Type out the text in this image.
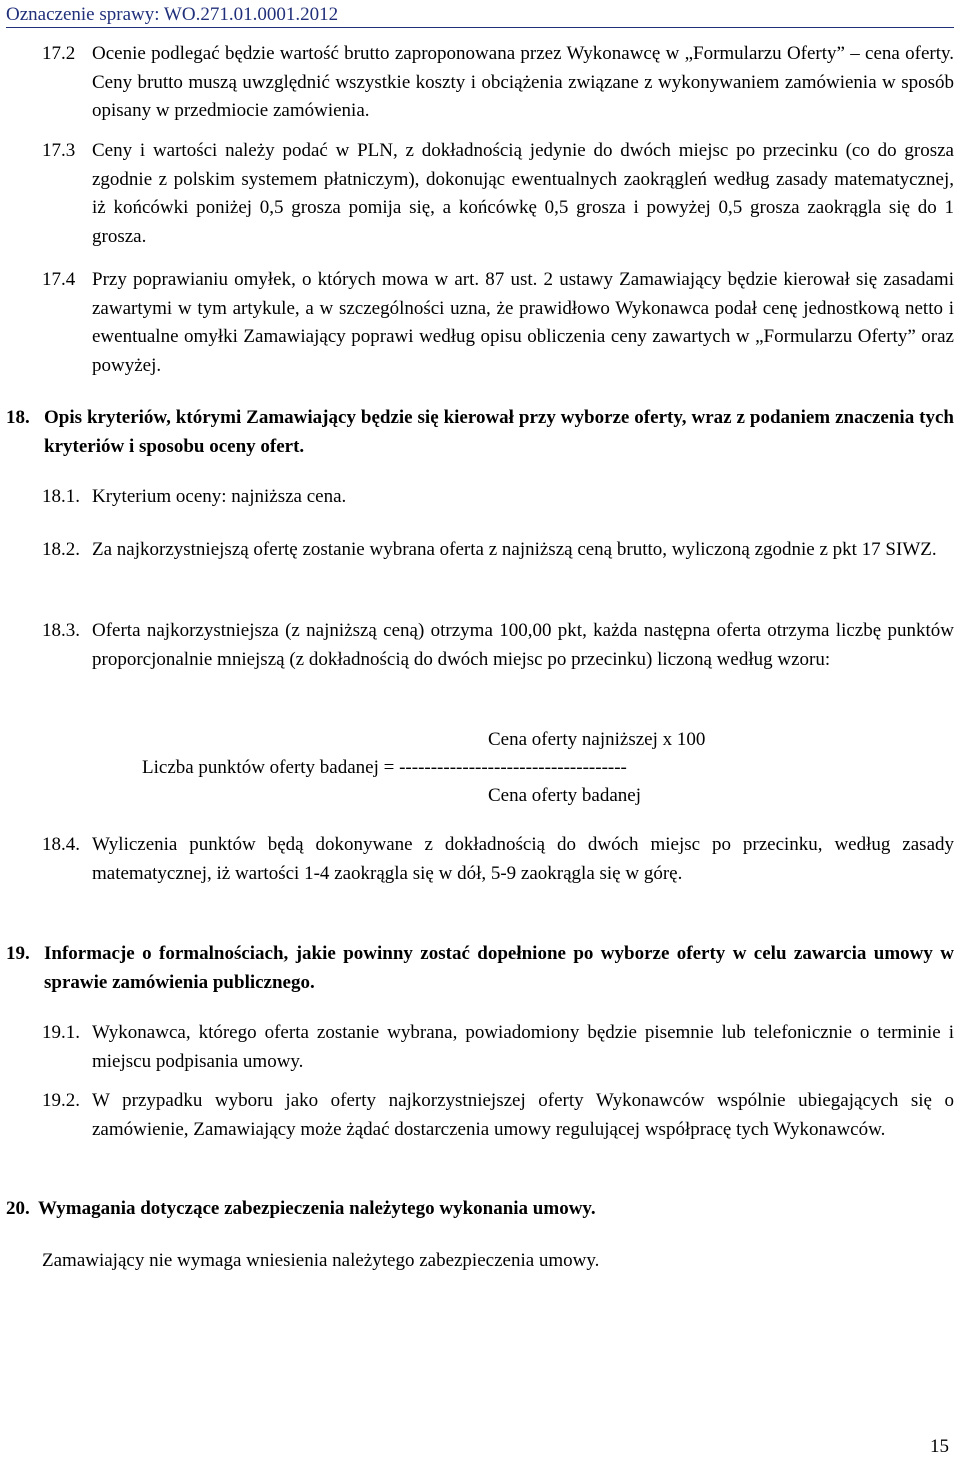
Oznaczenie sprawy: WO.271.01.0001.2012
17.2 Ocenie podlegać będzie wartość brutto zaproponowana przez Wykonawcę w „Formularzu Oferty” – cena oferty. Ceny brutto muszą uwzględnić wszystkie koszty i obciążenia związane z wykonywaniem zamówienia w sposób opisany w przedmiocie zamówienia.
17.3 Ceny i wartości należy podać w PLN, z dokładnością jedynie do dwóch miejsc po przecinku (co do grosza zgodnie z polskim systemem płatniczym), dokonując ewentualnych zaokrągleń według zasady matematycznej, iż końcówki poniżej 0,5 grosza pomija się, a końcówkę 0,5 grosza i powyżej 0,5 grosza zaokrągla się do 1 grosza.
17.4 Przy poprawianiu omyłek, o których mowa w art. 87 ust. 2 ustawy Zamawiający będzie kierował się zasadami zawartymi w tym artykule, a w szczególności uzna, że prawidłowo Wykonawca podał cenę jednostkową netto i ewentualne omyłki Zamawiający poprawi według opisu obliczenia ceny zawartych w „Formularzu Oferty” oraz powyżej.
18. Opis kryteriów, którymi Zamawiający będzie się kierował przy wyborze oferty, wraz z podaniem znaczenia tych kryteriów i sposobu oceny ofert.
18.1. Kryterium oceny: najniższa cena.
18.2. Za najkorzystniejszą ofertę zostanie wybrana oferta z najniższą ceną brutto, wyliczoną zgodnie z pkt 17 SIWZ.
18.3. Oferta najkorzystniejsza (z najniższą ceną) otrzyma 100,00 pkt, każda następna oferta otrzyma liczbę punktów proporcjonalnie mniejszą (z dokładnością do dwóch miejsc po przecinku) liczoną według wzoru:
Cena oferty najniższej x 100
Liczba punktów oferty badanej = ------------------------------------
Cena oferty badanej
18.4. Wyliczenia punktów będą dokonywane z dokładnością do dwóch miejsc po przecinku, według zasady matematycznej, iż wartości 1-4 zaokrągla się w dół, 5-9 zaokrągla się w górę.
19. Informacje o formalnościach, jakie powinny zostać dopełnione po wyborze oferty w celu zawarcia umowy w sprawie zamówienia publicznego.
19.1. Wykonawca, którego oferta zostanie wybrana, powiadomiony będzie pisemnie lub telefonicznie o terminie i miejscu podpisania umowy.
19.2. W przypadku wyboru jako oferty najkorzystniejszej oferty Wykonawców wspólnie ubiegających się o zamówienie, Zamawiający może żądać dostarczenia umowy regulującej współpracę tych Wykonawców.
20. Wymagania dotyczące zabezpieczenia należytego wykonania umowy.
Zamawiający nie wymaga wniesienia należytego zabezpieczenia umowy.
15
